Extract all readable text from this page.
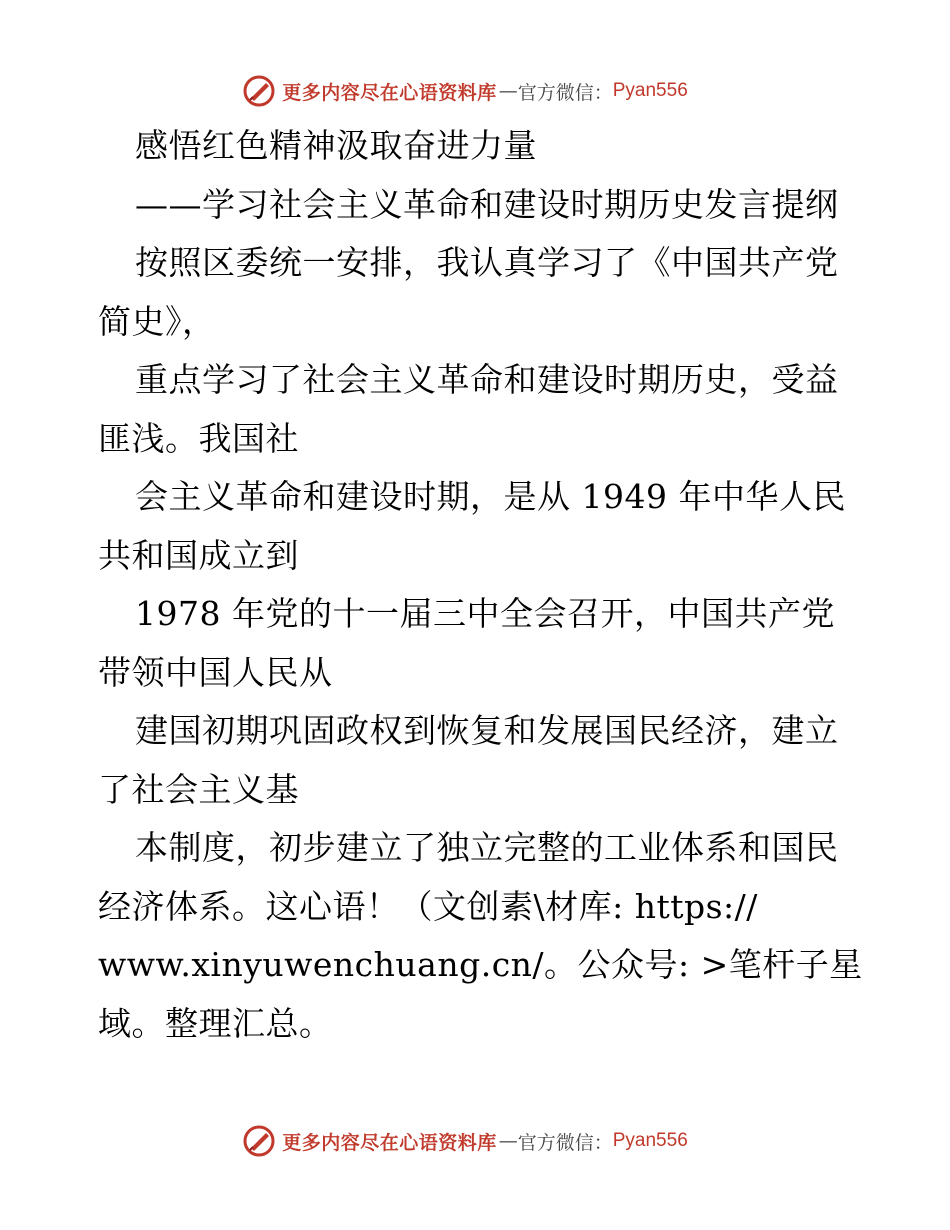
更多内容尽在心语资料库 — 官方微信： Pyan556
感悟红色精神汲取奋进力量
——学习社会主义革命和建设时期历史发言提纲
按照区委统一安排，我认真学习了《中国共产党
简史》，
重点学习了社会主义革命和建设时期历史，受益
匪浅。我国社
会主义革命和建设时期，是从 1949 年中华人民
共和国成立到
1978 年党的十一届三中全会召开，中国共产党
带领中国人民从
建国初期巩固政权到恢复和发展国民经济，建立
了社会主义基
本制度，初步建立了独立完整的工业体系和国民
经济体系。这心语！（文创素\材库: https://
www.xinyuwenchuang.cn/。公众号: >笔杆子星
域。整理汇总。
更多内容尽在心语资料库 — 官方微信： Pyan556
